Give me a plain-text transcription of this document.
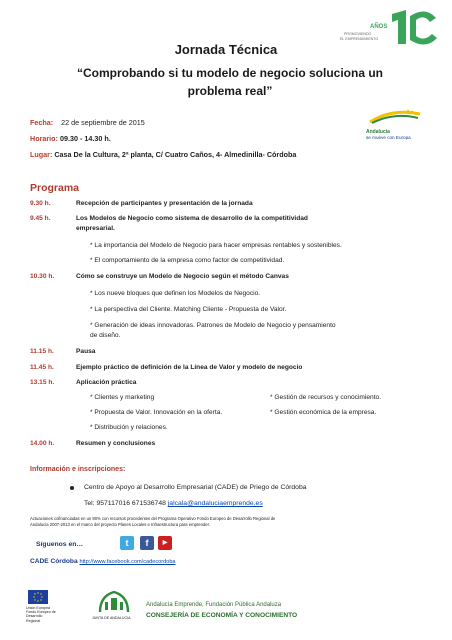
AÑOS
PROMOVIENDO
EL EMPRENDIMIENTO
Jornada Técnica
“Comprobando si tu modelo de negocio soluciona un
problema real”
Andalucía
se mueve con Europa
Fecha: 22 de septiembre de 2015
Horario: 09.30 - 14.30 h.
Lugar: Casa De la Cultura, 2ª planta, C/ Cuatro Caños, 4- Almedinilla- Córdoba
Programa
9.30 h.	Recepción de participantes y presentación de la jornada
9.45 h.	Los Modelos de Negocio como sistema de desarrollo de la competitividad
empresarial.
* La importancia del Modelo de Negocio para hacer empresas rentables y sostenibles.
* El comportamiento de la empresa como factor de competitividad.
10.30 h.	Cómo se construye un Modelo de Negocio según el método Canvas
* Los nueve bloques que definen los Modelos de Negocio.
* La perspectiva del Cliente. Matching Cliente - Propuesta de Valor.
* Generación de ideas innovadoras. Patrones de Modelo de Negocio y pensamiento
de diseño.
11.15 h.	Pausa
11.45 h.	Ejemplo práctico de definición de la Línea de Valor y modelo de negocio
13.15 h.	Aplicación práctica
* Clientes y marketing	* Gestión de recursos y conocimiento.
* Propuesta de Valor. Innovación en la oferta.	* Gestión económica de la empresa.
* Distribución y relaciones.
14.00 h.	Resumen y conclusiones
Información e inscripciones:
Centro de Apoyo al Desarrollo Empresarial (CADE) de Priego de Córdoba
Tel: 957117016 671536748 jalcala@andaluciaemprende.es
Actuaciones cofinanciadas en un 80% con recursos procedentes del Programa Operativo Fondo Europeo de Desarrollo Regional de
Andalucía 2007-2013 en el marco del proyecto Planes Locales e Infraestructura para emprender.
Síguenos en…	t	f	▶
CADE Córdoba http://www.facebook.com/cadecordoba
Unión Europea
Fondo Europeo de Desarrollo Regional
JUNTA DE ANDALUCIA
Andalucía Emprende, Fundación Pública Andaluza
CONSEJERÍA DE ECONOMÍA Y CONOCIMIENTO
